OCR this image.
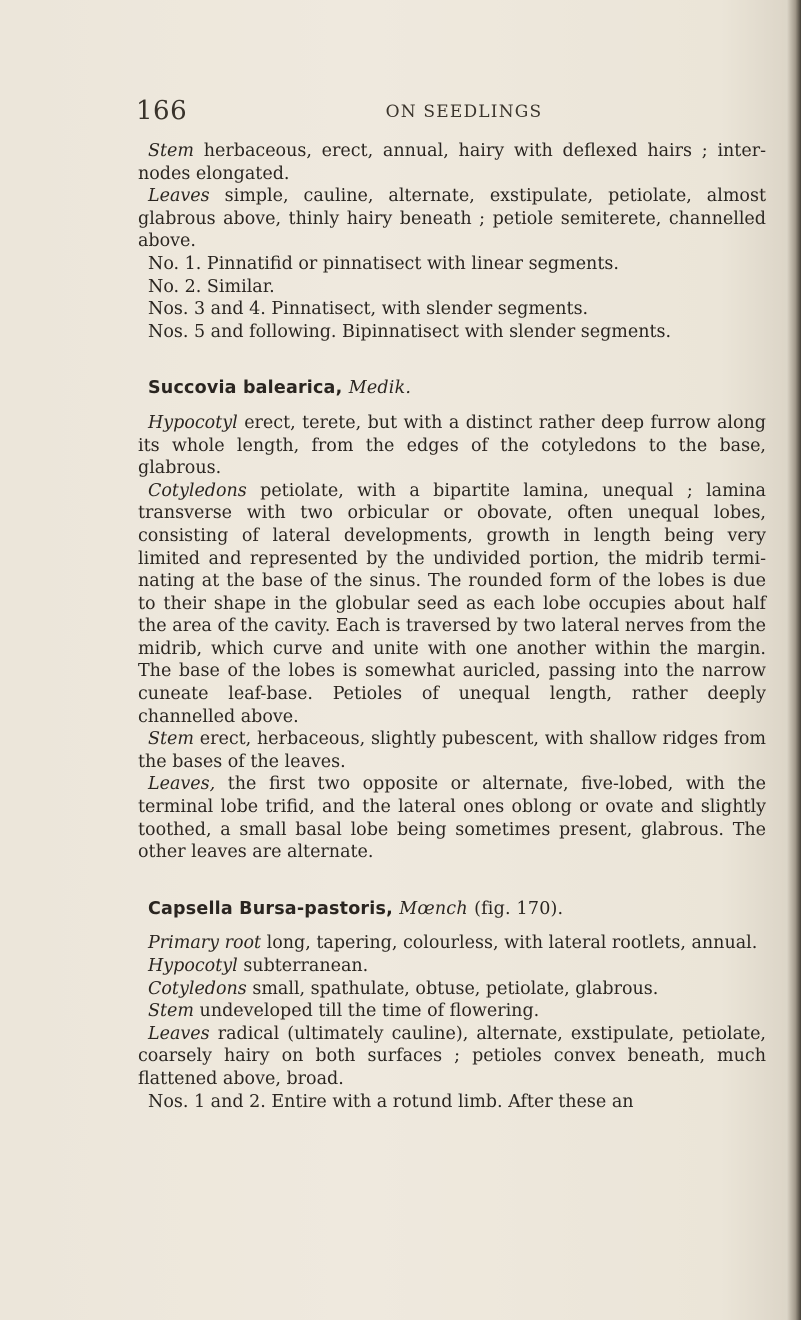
166	ON SEEDLINGS

Stem herbaceous, erect, annual, hairy with deflexed hairs ; internodes elongated.

Leaves simple, cauline, alternate, exstipulate, petiolate, almost glabrous above, thinly hairy beneath ; petiole semiterete, channelled above.

No. 1. Pinnatifid or pinnatisect with linear segments.

No. 2. Similar.

Nos. 3 and 4. Pinnatisect, with slender segments.

Nos. 5 and following. Bipinnatisect with slender segments.

Succovia balearica, Medik.

Hypocotyl erect, terete, but with a distinct rather deep furrow along its whole length, from the edges of the cotyledons to the base, glabrous.

Cotyledons petiolate, with a bipartite lamina, unequal ; lamina transverse with two orbicular or obovate, often unequal lobes, consisting of lateral developments, growth in length being very limited and represented by the undivided portion, the midrib terminating at the base of the sinus. The rounded form of the lobes is due to their shape in the globular seed as each lobe occupies about half the area of the cavity. Each is traversed by two lateral nerves from the midrib, which curve and unite with one another within the margin. The base of the lobes is somewhat auricled, passing into the narrow cuneate leaf-base. Petioles of unequal length, rather deeply channelled above.

Stem erect, herbaceous, slightly pubescent, with shallow ridges from the bases of the leaves.

Leaves, the first two opposite or alternate, five-lobed, with the terminal lobe trifid, and the lateral ones oblong or ovate and slightly toothed, a small basal lobe being sometimes present, glabrous. The other leaves are alternate.

Capsella Bursa-pastoris, Mœnch (fig. 170).

Primary root long, tapering, colourless, with lateral rootlets, annual.

Hypocotyl subterranean.

Cotyledons small, spathulate, obtuse, petiolate, glabrous.

Stem undeveloped till the time of flowering.

Leaves radical (ultimately cauline), alternate, exstipulate, petiolate, coarsely hairy on both surfaces ; petioles convex beneath, much flattened above, broad.

Nos. 1 and 2. Entire with a rotund limb. After these an
